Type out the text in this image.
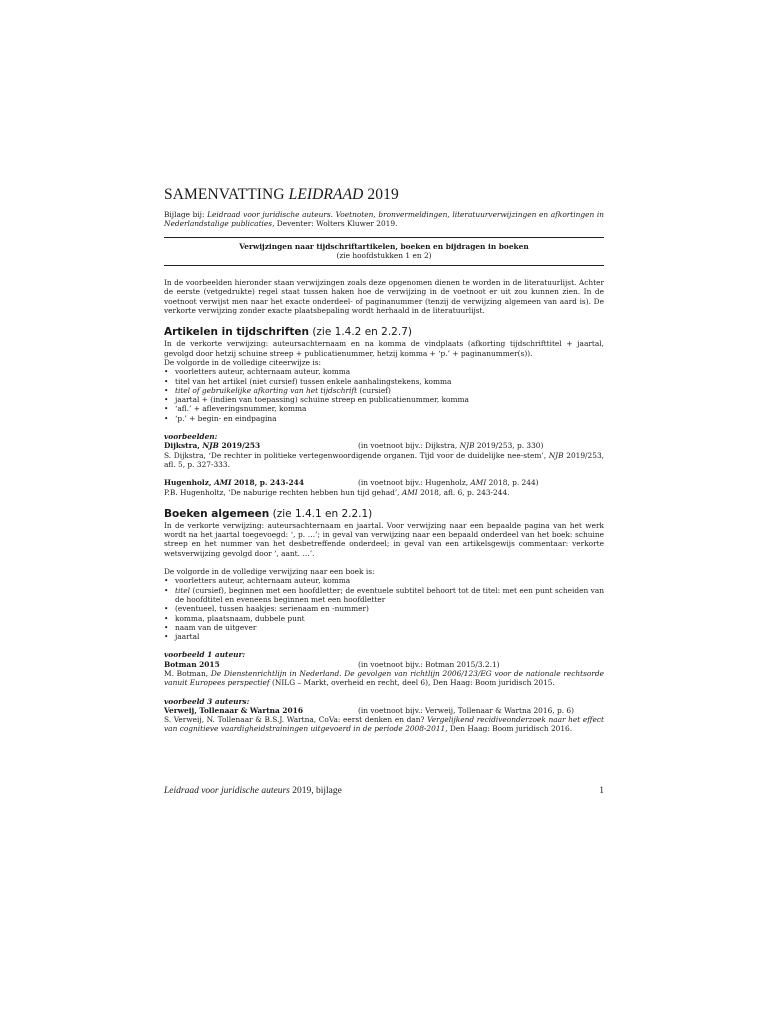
SAMENVATTING LEIDRAAD 2019
Bijlage bij: Leidraad voor juridische auteurs. Voetnoten, bronvermeldingen, literatuurverwijzingen en afkortingen in Nederlandstalige publicaties, Deventer: Wolters Kluwer 2019.
Verwijzingen naar tijdschriftartikelen, boeken en bijdragen in boeken
(zie hoofdstukken 1 en 2)
In de voorbeelden hieronder staan verwijzingen zoals deze opgenomen dienen te worden in de literatuurlijst. Achter de eerste (vetgedrukte) regel staat tussen haken hoe de verwijzing in de voetnoot er uit zou kunnen zien. In de voetnoot verwijst men naar het exacte onderdeel- of paginanummer (tenzij de verwijzing algemeen van aard is). De verkorte verwijzing zonder exacte plaatsbepaling wordt herhaald in de literatuurlijst.
Artikelen in tijdschriften (zie 1.4.2 en 2.2.7)
In de verkorte verwijzing: auteursachternaam en na komma de vindplaats (afkorting tijdschrifttitel + jaartal, gevolgd door hetzij schuine streep + publicatienummer, hetzij komma + ‘p.’ + paginanummer(s)).
De volgorde in de volledige citeerwijze is:
• voorletters auteur, achternaam auteur, komma
• titel van het artikel (niet cursief) tussen enkele aanhalingstekens, komma
• titel of gebruikelijke afkorting van het tijdschrift (cursief)
• jaartal + (indien van toepassing) schuine streep en publicatienummer, komma
• ‘afl.’ + afleveringsnummer, komma
• ‘p.’ + begin- en eindpagina
voorbeelden:
Dijkstra, NJB 2019/253	(in voetnoot bijv.: Dijkstra, NJB 2019/253, p. 330)
S. Dijkstra, ‘De rechter in politieke vertegenwoordigende organen. Tijd voor de duidelijke nee-stem’, NJB 2019/253, afl. 5, p. 327-333.
Hugenholz, AMI 2018, p. 243-244	(in voetnoot bijv.: Hugenholz, AMI 2018, p. 244)
P.B. Hugenholtz, ‘De naburige rechten hebben hun tijd gehad’, AMI 2018, afl. 6, p. 243-244.
Boeken algemeen (zie 1.4.1 en 2.2.1)
In de verkorte verwijzing: auteursachternaam en jaartal. Voor verwijzing naar een bepaalde pagina van het werk wordt na het jaartal toegevoegd: ‘, p. …’; in geval van verwijzing naar een bepaald onderdeel van het boek: schuine streep en het nummer van het desbetreffende onderdeel; in geval van een artikelsgewijs commentaar: verkorte wetsverwijzing gevolgd door ‘, aant. …’.
De volgorde in de volledige verwijzing naar een boek is:
• voorletters auteur, achternaam auteur, komma
• titel (cursief), beginnen met een hoofdletter; de eventuele subtitel behoort tot de titel: met een punt scheiden van de hoofdtitel en eveneens beginnen met een hoofdletter
• (eventueel, tussen haakjes: serienaam en -nummer)
• komma, plaatsnaam, dubbele punt
• naam van de uitgever
• jaartal
voorbeeld 1 auteur:
Botman 2015	(in voetnoot bijv.: Botman 2015/3.2.1)
M. Botman, De Dienstenrichtlijn in Nederland. De gevolgen van richtlijn 2006/123/EG voor de nationale rechtsorde vanuit Europees perspectief (NILG – Markt, overheid en recht, deel 6), Den Haag: Boom juridisch 2015.
voorbeeld 3 auteurs:
Verweij, Tollenaar & Wartna 2016	(in voetnoot bijv.: Verweij, Tollenaar & Wartna 2016, p. 6)
S. Verweij, N. Tollenaar & B.S.J. Wartna, CoVa: eerst denken en dan? Vergelijkend recidiveonderzoek naar het effect van cognitieve vaardigheidstrainingen uitgevoerd in de periode 2008-2011, Den Haag: Boom juridisch 2016.
Leidraad voor juridische auteurs 2019, bijlage	1
